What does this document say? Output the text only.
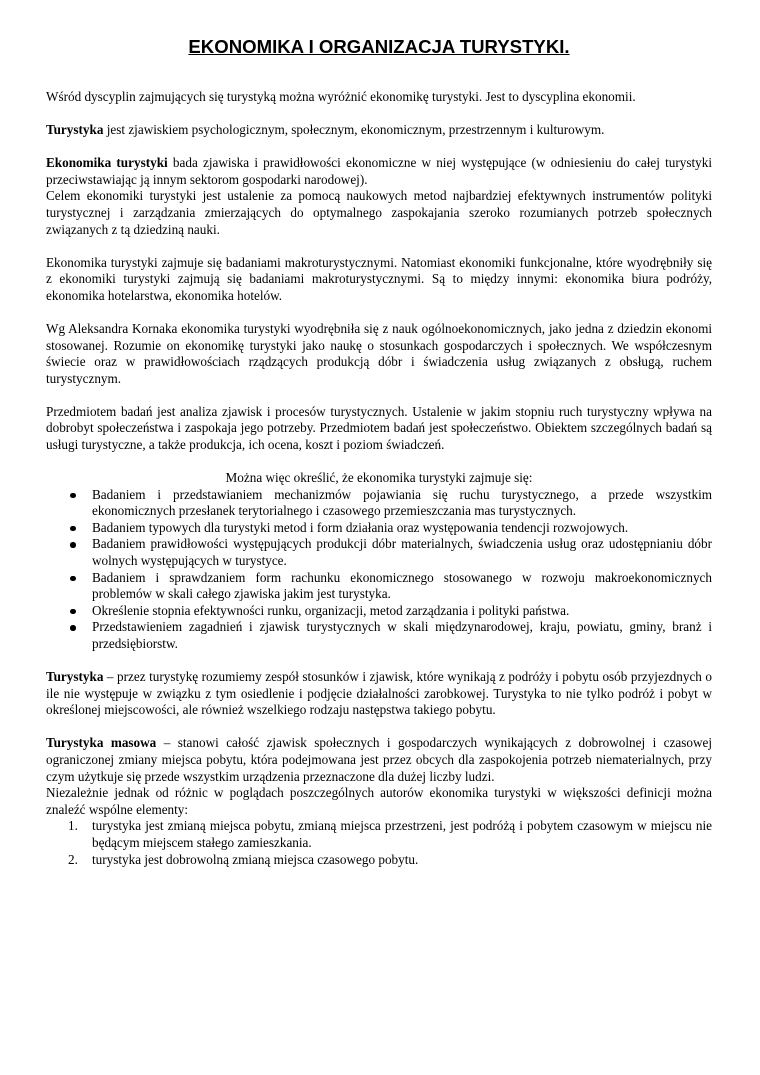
EKONOMIKA I ORGANIZACJA TURYSTYKI.

Wśród dyscyplin zajmujących się turystyką można wyróżnić ekonomikę turystyki. Jest to dyscyplina ekonomii.

Turystyka jest zjawiskiem psychologicznym, społecznym, ekonomicznym, przestrzennym i kulturowym.

Ekonomika turystyki bada zjawiska i prawidłowości ekonomiczne w niej występujące (w odniesieniu do całej turystyki przeciwstawiając ją innym sektorom gospodarki narodowej).

Celem ekonomiki turystyki jest ustalenie za pomocą naukowych metod najbardziej efektywnych instrumentów polityki turystycznej i zarządzania zmierzających do optymalnego zaspokajania szeroko rozumianych potrzeb społecznych związanych z tą dziedziną nauki.

Ekonomika turystyki zajmuje się badaniami makroturystycznymi. Natomiast ekonomiki funkcjonalne, które wyodrębniły się z ekonomiki turystyki zajmują się badaniami makroturystycznymi. Są to między innymi: ekonomika biura podróży, ekonomika hotelarstwa, ekonomika hotelów.

Wg Aleksandra Kornaka ekonomika turystyki wyodrębniła się z nauk ogólnoekonomicznych, jako jedna z dziedzin ekonomi stosowanej. Rozumie on ekonomikę turystyki jako naukę o stosunkach gospodarczych i społecznych. We współczesnym świecie oraz w prawidłowościach rządzących produkcją dóbr i świadczenia usług związanych z obsługą, ruchem turystycznym.

Przedmiotem badań jest analiza zjawisk i procesów turystycznych. Ustalenie w jakim stopniu ruch turystyczny wpływa na dobrobyt społeczeństwa i zaspokaja jego potrzeby. Przedmiotem badań jest społeczeństwo. Obiektem szczególnych badań są usługi turystyczne, a także produkcja, ich ocena, koszt i poziom świadczeń.

Można więc określić, że ekonomika turystyki zajmuje się:

Badaniem i przedstawianiem mechanizmów pojawiania się ruchu turystycznego, a przede wszystkim ekonomicznych przesłanek terytorialnego i czasowego przemieszczania mas turystycznych.
Badaniem typowych dla turystyki metod i form działania oraz występowania tendencji rozwojowych.
Badaniem prawidłowości występujących produkcji dóbr materialnych, świadczenia usług oraz udostępnianiu dóbr wolnych występujących w turystyce.
Badaniem i sprawdzaniem form rachunku ekonomicznego stosowanego w rozwoju makroekonomicznych problemów w skali całego zjawiska jakim jest turystyka.
Określenie stopnia efektywności runku, organizacji, metod zarządzania i polityki państwa.
Przedstawieniem zagadnień i zjawisk turystycznych w skali międzynarodowej, kraju, powiatu, gminy, branż i przedsiębiorstw.

Turystyka – przez turystykę rozumiemy zespół stosunków i zjawisk, które wynikają z podróży i pobytu osób przyjezdnych o ile nie występuje w związku z tym osiedlenie i podjęcie działalności zarobkowej. Turystyka to nie tylko podróż i pobyt w określonej miejscowości, ale również wszelkiego rodzaju następstwa takiego pobytu.

Turystyka masowa – stanowi całość zjawisk społecznych i gospodarczych wynikających z dobrowolnej i czasowej ograniczonej zmiany miejsca pobytu, która podejmowana jest przez obcych dla zaspokojenia potrzeb niematerialnych, przy czym użytkuje się przede wszystkim urządzenia przeznaczone dla dużej liczby ludzi.

Niezależnie jednak od różnic w poglądach poszczególnych autorów ekonomika turystyki w większości definicji można znaleźć wspólne elementy:

1. turystyka jest zmianą miejsca pobytu, zmianą miejsca przestrzeni, jest podróżą i pobytem czasowym w miejscu nie będącym miejscem stałego zamieszkania.
2. turystyka jest dobrowolną zmianą miejsca czasowego pobytu.
